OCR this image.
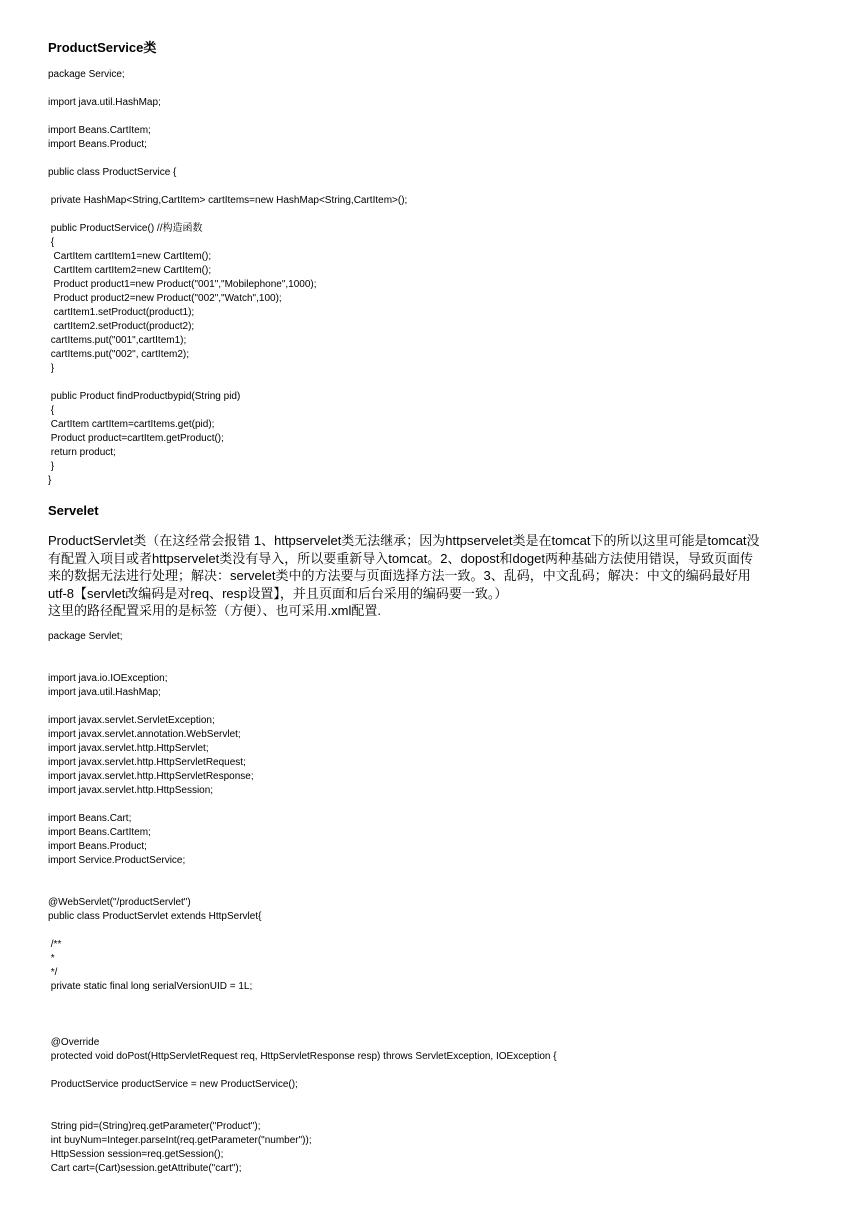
ProductService类
package Service;
import java.util.HashMap;
import Beans.CartItem;
import Beans.Product;
public class ProductService {
private HashMap<String,CartItem> cartItems=new HashMap<String,CartItem>();
public ProductService() //构造函数
{
CartItem cartItem1=new CartItem();
CartItem cartItem2=new CartItem();
Product product1=new Product("001","Mobilephone",1000);
Product product2=new Product("002","Watch",100);
cartItem1.setProduct(product1);
cartItem2.setProduct(product2);
cartItems.put("001",cartItem1);
cartItems.put("002", cartItem2);
}
public Product findProductbypid(String pid)
{
CartItem cartItem=cartItems.get(pid);
Product product=cartItem.getProduct();
return product;
}
}
Servelet
ProductServlet类（在这经常会报错 1、httpservelet类无法继承；因为httpservelet类是在tomcat下的所以这里可能是tomcat没
有配置入项目或者httpservelet类没有导入，所以要重新导入tomcat。2、dopost和doget两种基础方法使用错误，导致页面传
来的数据无法进行处理；解决：servelet类中的方法要与页面选择方法一致。3、乱码，中文乱码；解决：中文的编码最好用
utf-8【servlet改编码是对req、resp设置】，并且页面和后台采用的编码要一致。）
这里的路径配置采用的是标签（方便）、也可采用.xml配置.
package Servlet;
import java.io.IOException;
import java.util.HashMap;
import javax.servlet.ServletException;
import javax.servlet.annotation.WebServlet;
import javax.servlet.http.HttpServlet;
import javax.servlet.http.HttpServletRequest;
import javax.servlet.http.HttpServletResponse;
import javax.servlet.http.HttpSession;
import Beans.Cart;
import Beans.CartItem;
import Beans.Product;
import Service.ProductService;
@WebServlet("/productServlet")
public class ProductServlet extends HttpServlet{
/**
*
*/
private static final long serialVersionUID = 1L;
@Override
protected void doPost(HttpServletRequest req, HttpServletResponse resp) throws ServletException, IOException {
ProductService productService = new ProductService();
String pid=(String)req.getParameter("Product");
int buyNum=Integer.parseInt(req.getParameter("number"));
HttpSession session=req.getSession();
Cart cart=(Cart)session.getAttribute("cart");
